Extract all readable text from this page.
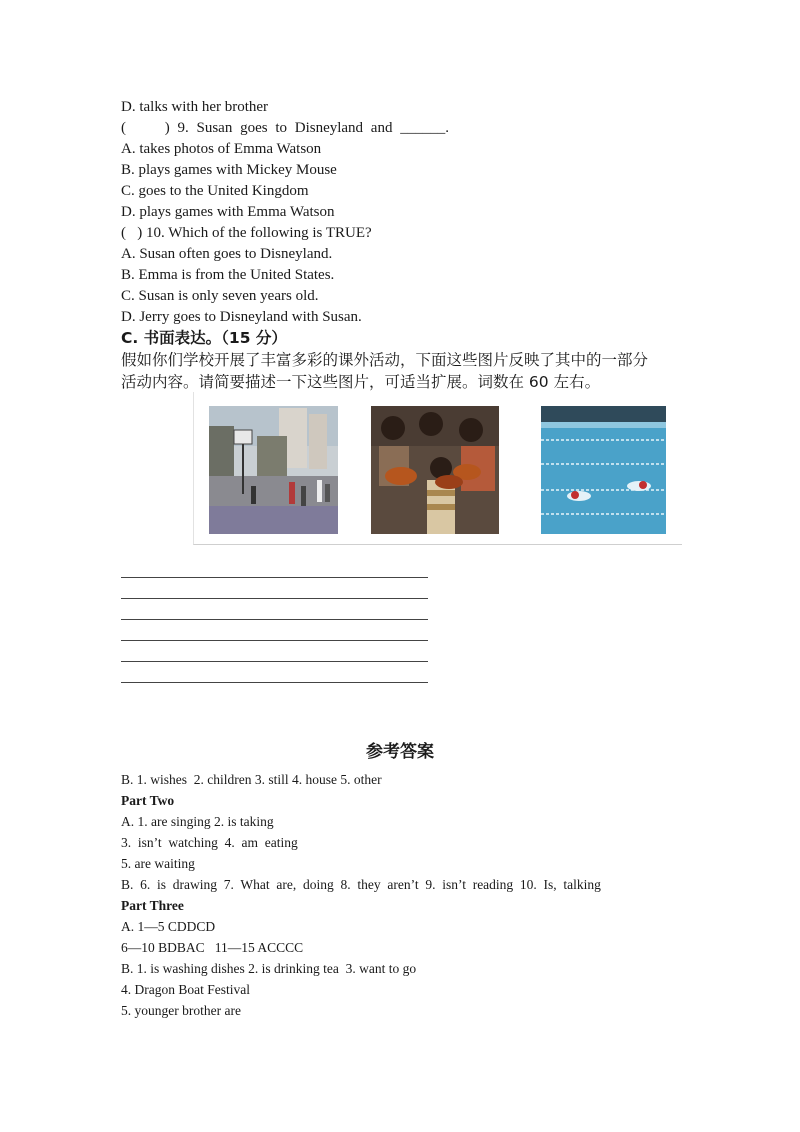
D. talks with her brother
(     ) 9. Susan goes to Disneyland and ______.
A. takes photos of Emma Watson
B. plays games with Mickey Mouse
C. goes to the United Kingdom
D. plays games with Emma Watson
(   ) 10. Which of the following is TRUE?
A. Susan often goes to Disneyland.
B. Emma is from the United States.
C. Susan is only seven years old.
D. Jerry goes to Disneyland with Susan.
C. 书面表达。（15 分）
假如你们学校开展了丰富多彩的课外活动，下面这些图片反映了其中的一部分
活动内容。请简要描述一下这些图片，可适当扩展。词数在 60 左右。
参考答案
B. 1. wishes  2. children 3. still 4. house 5. other
Part Two
A. 1. are singing 2. is taking
3.  isn’t  watching  4.  am  eating
5. are waiting
B.  6.  is  drawing  7.  What  are,  doing  8.  they  aren’t  9.  isn’t  reading  10.  Is,  talking
Part Three
A. 1—5 CDDCD
6—10 BDBAC   11—15 ACCCC
B. 1. is washing dishes 2. is drinking tea  3. want to go
4. Dragon Boat Festival
5. younger brother are
